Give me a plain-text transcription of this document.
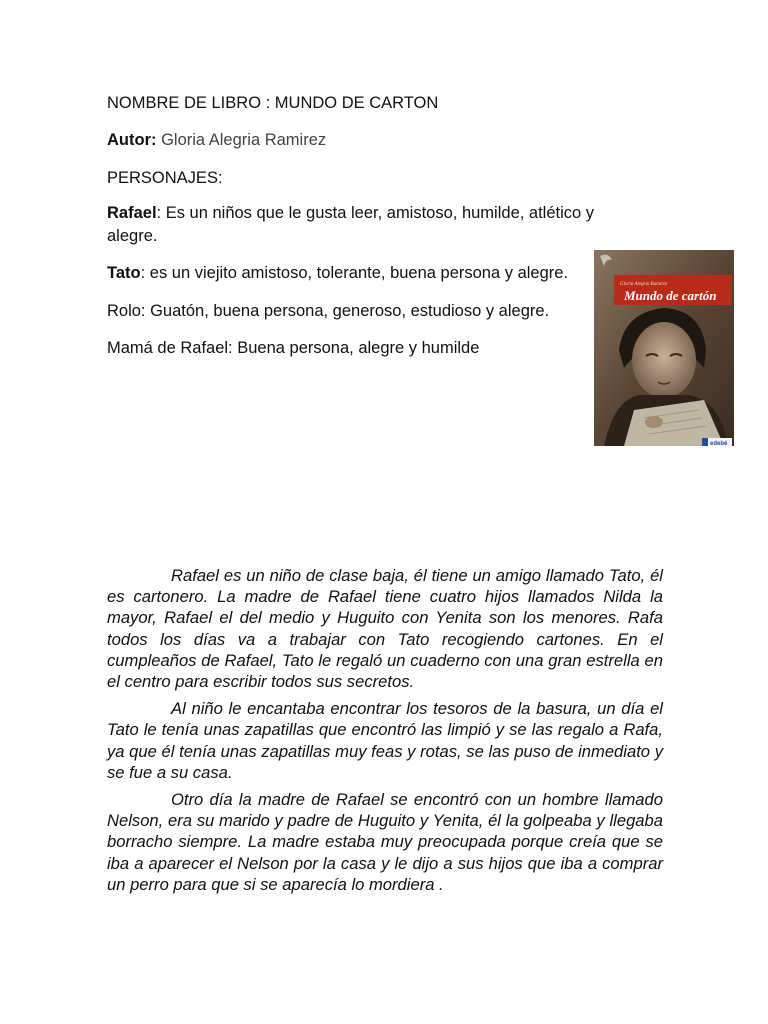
NOMBRE DE LIBRO : MUNDO DE CARTON
Autor: Gloria Alegria Ramirez
PERSONAJES:
Rafael: Es un niños que le gusta leer, amistoso, humilde, atlético y alegre.
Tato: es un viejito amistoso, tolerante, buena persona y alegre.
Rolo: Guatón, buena persona, generoso, estudioso y alegre.
Mamá de Rafael: Buena persona, alegre y humilde
Gloria Alegría Ramírez
Mundo de cartón
edebé
Rafael es un niño de clase baja, él tiene un amigo llamado Tato, él es cartonero. La madre de Rafael tiene cuatro hijos llamados Nilda la mayor, Rafael el del medio y Huguito con Yenita son los menores. Rafa todos los días va a trabajar con Tato recogiendo cartones. En el cumpleaños de Rafael, Tato le regaló un cuaderno con una gran estrella en el centro para escribir todos sus secretos.
Al niño le encantaba encontrar los tesoros de la basura, un día el Tato le tenía unas zapatillas que encontró las limpió y se las regalo a Rafa, ya que él tenía unas zapatillas muy feas y rotas, se las puso de inmediato y se fue a su casa.
Otro día la madre de Rafael se encontró con un hombre llamado Nelson, era su marido y padre de Huguito y Yenita, él la golpeaba y llegaba borracho siempre. La madre estaba muy preocupada porque creía que se iba a aparecer el Nelson por la casa y le dijo a sus hijos que iba a comprar un perro para que si se aparecía lo mordiera .
